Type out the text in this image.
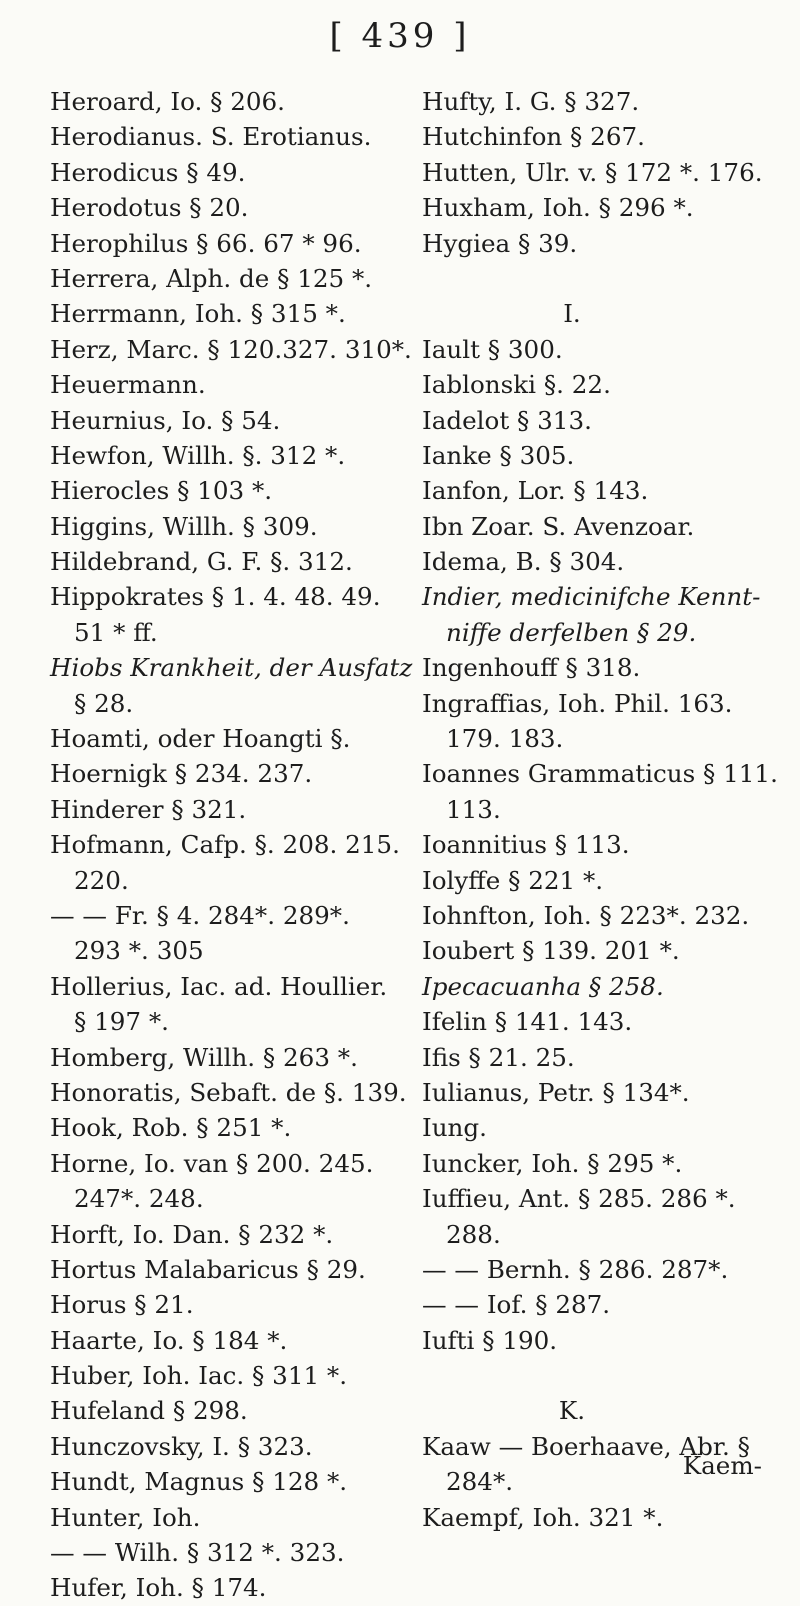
[ 439 ]
Heroard, Io. § 206.
Herodianus. S. Erotianus.
Herodicus § 49.
Herodotus § 20.
Herophilus § 66. 67 * 96.
Herrera, Alph. de § 125 *.
Herrmann, Ioh. § 315 *.
Herz, Marc. § 120.327. 310*.
Heuermann.
Heurnius, Io. § 54.
Hewfon, Willh. §. 312 *.
Hierocles § 103 *.
Higgins, Willh. § 309.
Hildebrand, G. F. §. 312.
Hippokrates § 1. 4. 48. 49.
51 * ff.
Hiobs Krankheit, der Ausfatz
§ 28.
Hoamti, oder Hoangti §.
Hoernigk § 234. 237.
Hinderer § 321.
Hofmann, Cafp. §. 208. 215.
220.
— — Fr. § 4. 284*. 289*.
293 *. 305
Hollerius, Iac. ad. Houllier.
§ 197 *.
Homberg, Willh. § 263 *.
Honoratis, Sebaft. de §. 139.
Hook, Rob. § 251 *.
Horne, Io. van § 200. 245.
247*. 248.
Horft, Io. Dan. § 232 *.
Hortus Malabaricus § 29.
Horus § 21.
Haarte, Io. § 184 *.
Huber, Ioh. Iac. § 311 *.
Hufeland § 298.
Hunczovsky, I. § 323.
Hundt, Magnus § 128 *.
Hunter, Ioh.
— — Wilh. § 312 *. 323.
Hufer, Ioh. § 174.
Hufty, I. G. § 327.
Hutchinfon § 267.
Hutten, Ulr. v. § 172 *. 176.
Huxham, Ioh. § 296 *.
Hygiea § 39.
I.
Iault § 300.
Iablonski §. 22.
Iadelot § 313.
Ianke § 305.
Ianfon, Lor. § 143.
Ibn Zoar. S. Avenzoar.
Idema, B. § 304.
Indier, medicinifche Kennt-
niffe derfelben § 29.
Ingenhouff § 318.
Ingraffias, Ioh. Phil. 163.
179. 183.
Ioannes Grammaticus § 111.
113.
Ioannitius § 113.
Iolyffe § 221 *.
Iohnfton, Ioh. § 223*. 232.
Ioubert § 139. 201 *.
Ipecacuanha § 258.
Ifelin § 141. 143.
Ifis § 21. 25.
Iulianus, Petr. § 134*.
Iung.
Iuncker, Ioh. § 295 *.
Iuffieu, Ant. § 285. 286 *.
288.
— — Bernh. § 286. 287*.
— — Iof. § 287.
Iufti § 190.
K.
Kaaw — Boerhaave, Abr. §
284*.
Kaempf, Ioh. 321 *.
Kaem-
